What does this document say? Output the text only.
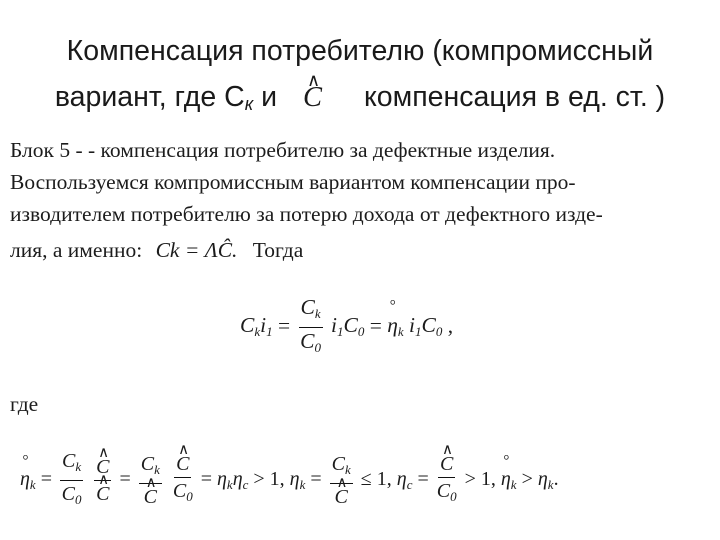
Компенсация потребителю (компромиссный
вариант, где $С_к$ и ∧ C компенсация в ед. ст. )
Блок 5 - - компенсация потребителю за дефектные изделия.
Воспользуемся компромиссным вариантом компенсации про-
изводителем потребителю за потерю дохода от дефектного изде-
лия, а именно: Ck = ΛĈ. Тогда
$C_ki_1 = \frac{C_k}{C_0} i_1C_0$ = ° $\eta_k$ $i_1C_0$ ,
где
° $\eta_k = \frac{C_k}{C_0}$
∧ C
∧ $C = C_k$
∧ C
∧ $\frac{C}{C_0} = \eta_k\eta_c > 1$, $\eta_k = C_k$
∧ C ≤ 1, $\eta_c$ = ∧ $\frac{C}{C_0} > 1$, ° $\eta_k > \eta_k$.
